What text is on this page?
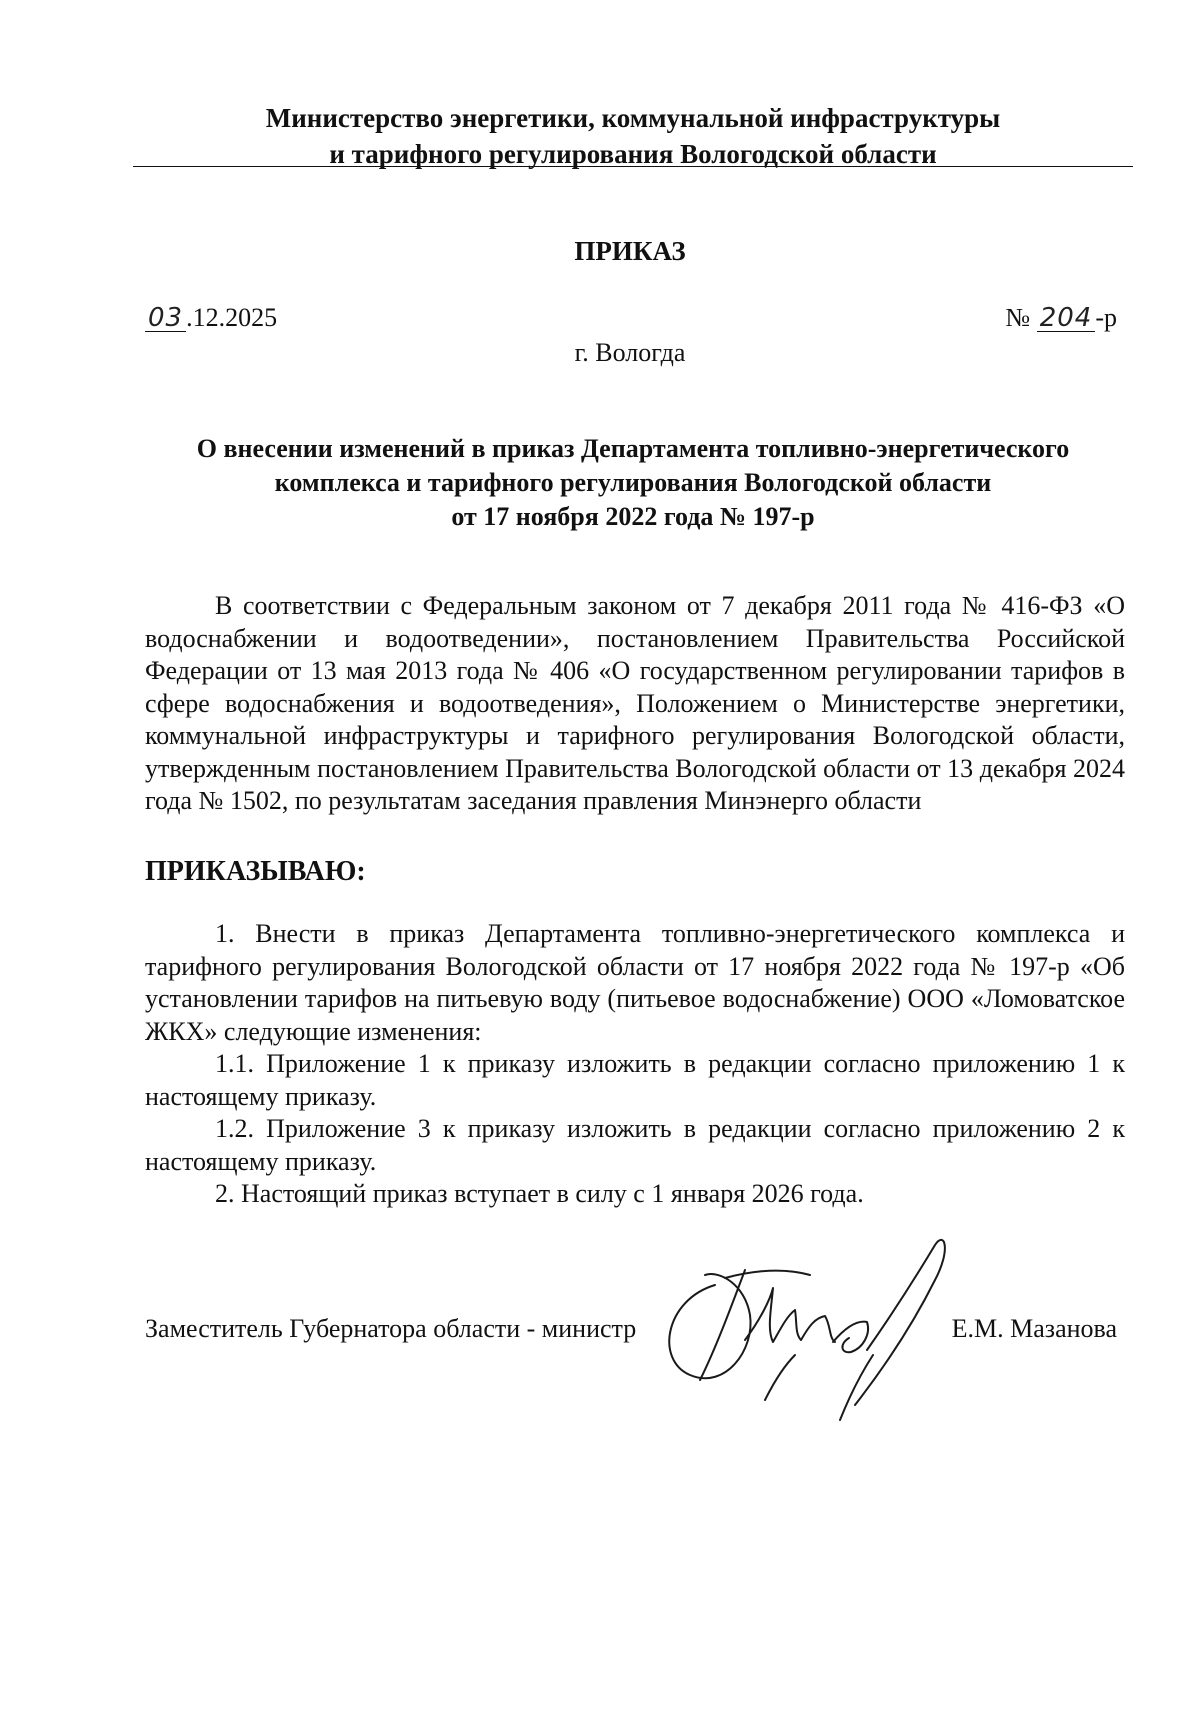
Министерство энергетики, коммунальной инфраструктуры
и тарифного регулирования Вологодской области
ПРИКАЗ
03 .12.2025	№ 204 -р
г. Вологда
О внесении изменений в приказ Департамента топливно-энергетического
комплекса и тарифного регулирования Вологодской области
от 17 ноября 2022 года № 197-р
В соответствии с Федеральным законом от 7 декабря 2011 года № 416-ФЗ «О водоснабжении и водоотведении», постановлением Правительства Российской Федерации от 13 мая 2013 года № 406 «О государственном регулировании тарифов в сфере водоснабжения и водоотведения», Положением о Министерстве энергетики, коммунальной инфраструктуры и тарифного регулирования Вологодской области, утвержденным постановлением Правительства Вологодской области от 13 декабря 2024 года № 1502, по результатам заседания правления Минэнерго области
ПРИКАЗЫВАЮ:

1. Внести в приказ Департамента топливно-энергетического комплекса и тарифного регулирования Вологодской области от 17 ноября 2022 года № 197-р «Об установлении тарифов на питьевую воду (питьевое водоснабжение) ООО «Ломоватское ЖКХ» следующие изменения:

1.1. Приложение 1 к приказу изложить в редакции согласно приложению 1 к настоящему приказу.

1.2. Приложение 3 к приказу изложить в редакции согласно приложению 2 к настоящему приказу.

2. Настоящий приказ вступает в силу с 1 января 2026 года.

Заместитель Губернатора области - министр	Е.М. Мазанова
